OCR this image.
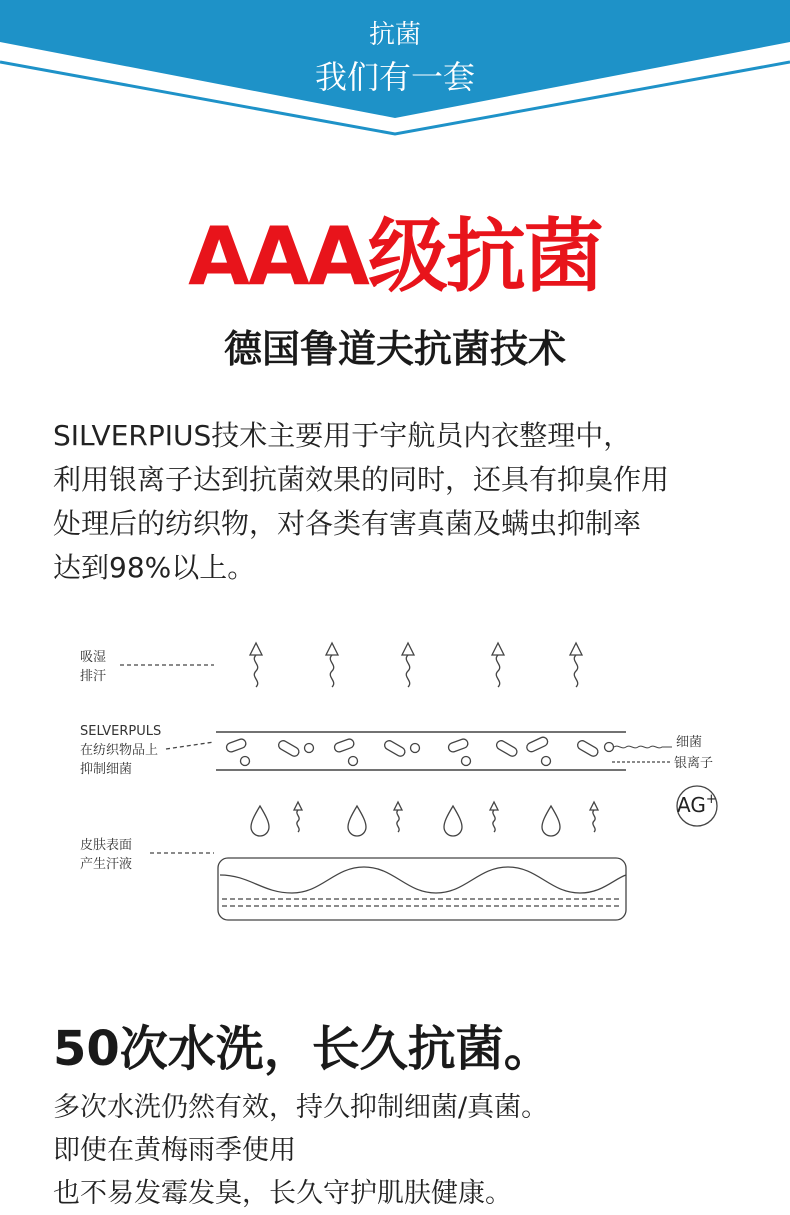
抗菌
我们有一套
AAA级抗菌
德国鲁道夫抗菌技术
SILVERPIUS技术主要用于宇航员内衣整理中，
利用银离子达到抗菌效果的同时，还具有抑臭作用
处理后的纺织物，对各类有害真菌及螨虫抑制率
达到98%以上。
吸湿
排汗
SELVERPULS
在纺织物品上
抑制细菌
皮肤表面
产生汗液
细菌
银离子
AG+
50次水洗，长久抗菌。
多次水洗仍然有效，持久抑制细菌/真菌。
即使在黄梅雨季使用
也不易发霉发臭，长久守护肌肤健康。
